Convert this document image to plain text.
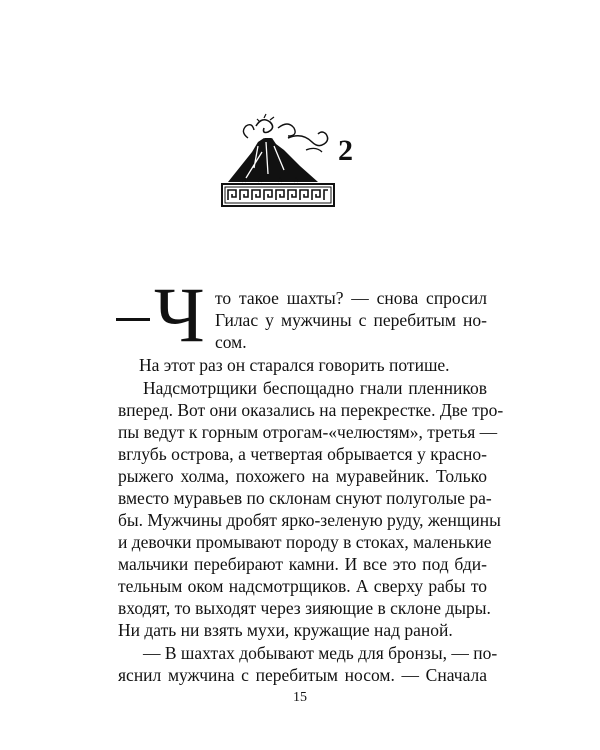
2
Ч то такое шахты? — снова спросил
Гилас у мужчины с перебитым но-
сом.
На этот раз он старался говорить потише.
Надсмотрщики беспощадно гнали пленников
вперед. Вот они оказались на перекрестке. Две тро-
пы ведут к горным отрогам-«челюстям», третья —
вглубь острова, а четвертая обрывается у красно-
рыжего холма, похожего на муравейник. Только
вместо муравьев по склонам снуют полуголые ра-
бы. Мужчины дробят ярко-зеленую руду, женщины
и девочки промывают породу в стоках, маленькие
мальчики перебирают камни. И все это под бди-
тельным оком надсмотрщиков. А сверху рабы то
входят, то выходят через зияющие в склоне дыры.
Ни дать ни взять мухи, кружащие над раной.
— В шахтах добывают медь для бронзы, — по-
яснил мужчина с перебитым носом. — Сначала
15
